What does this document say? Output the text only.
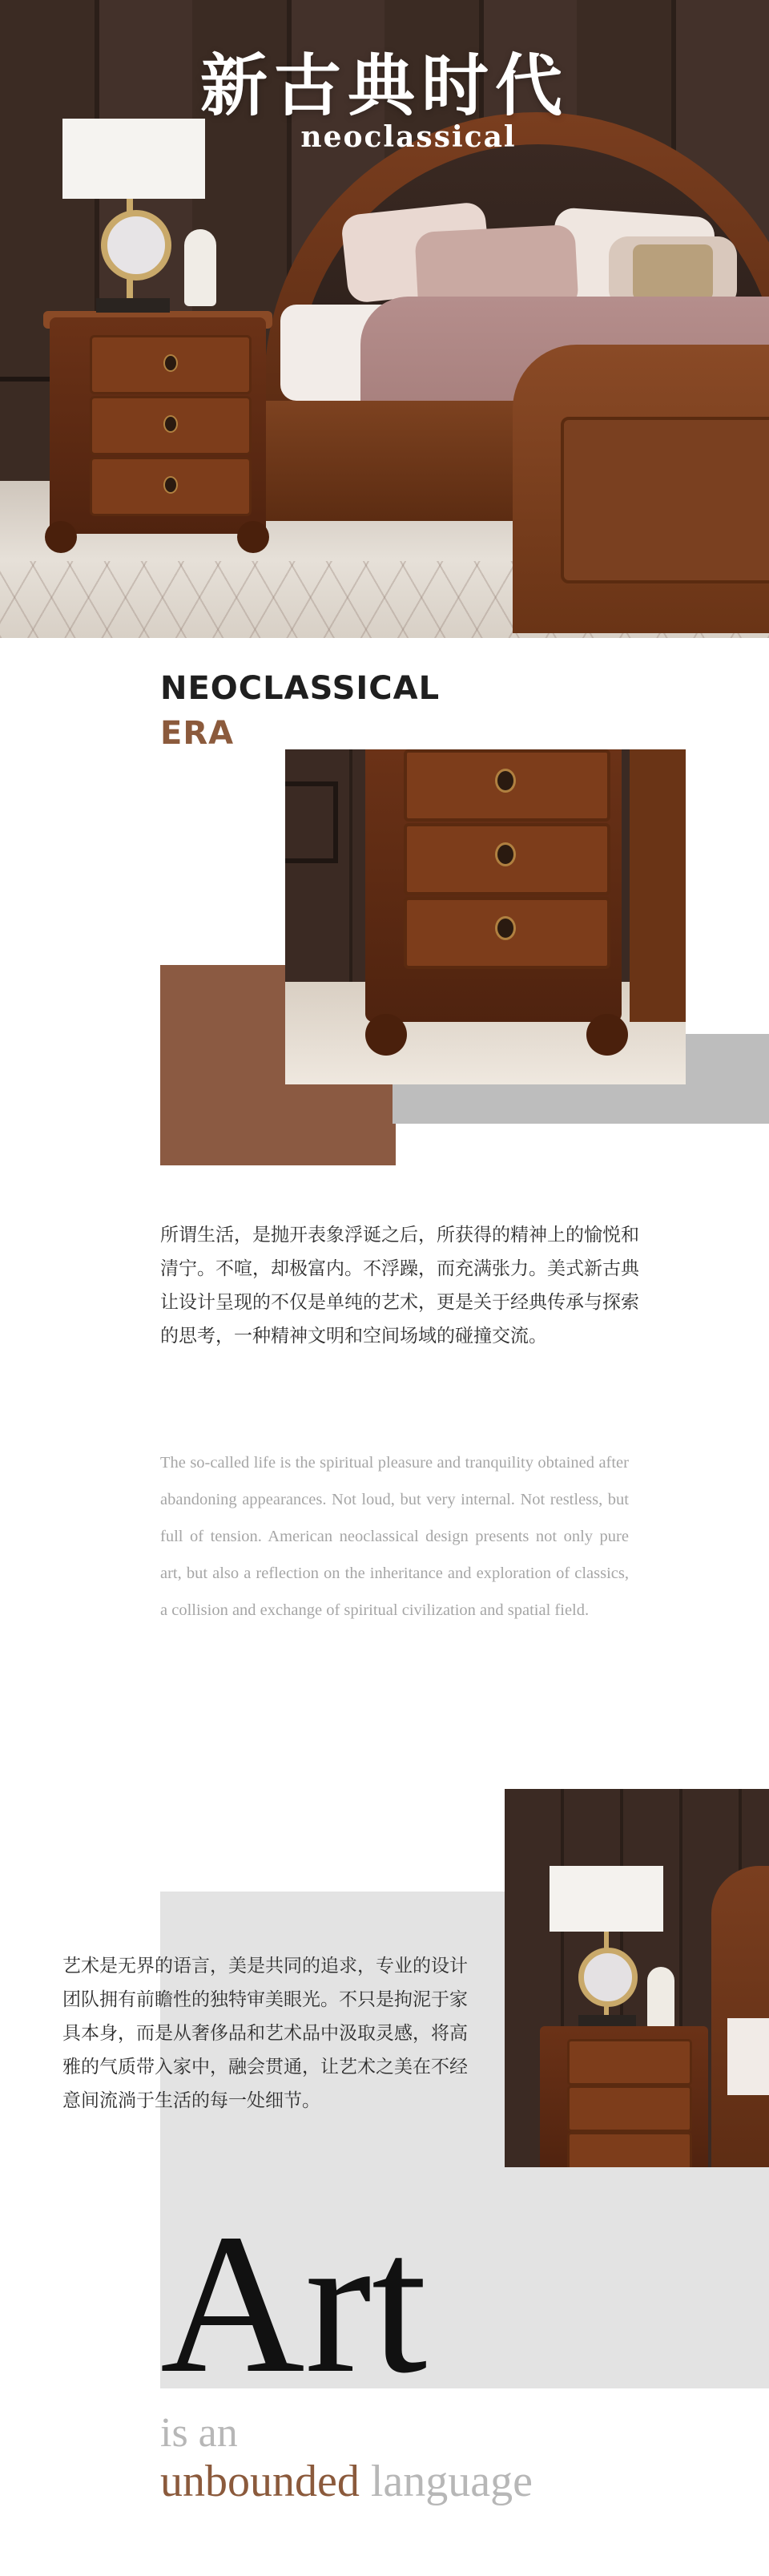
新古典时代
neoclassical
NEOCLASSICAL
ERA
所谓生活，是抛开表象浮诞之后，所获得的精神上的愉悦和清宁。不喧，却极富内。不浮躁，而充满张力。美式新古典让设计呈现的不仅是单纯的艺术，更是关于经典传承与探索的思考，一种精神文明和空间场域的碰撞交流。
The so-called life is the spiritual pleasure and tranquility obtained after abandoning appearances. Not loud, but very internal. Not restless, but full of tension. American neoclassical design presents not only pure art, but also a reflection on the inheritance and exploration of classics, a collision and exchange of spiritual civilization and spatial field.
艺术是无界的语言，美是共同的追求，专业的设计团队拥有前瞻性的独特审美眼光。不只是拘泥于家具本身，而是从奢侈品和艺术品中汲取灵感，将高雅的气质带入家中，融会贯通，让艺术之美在不经意间流淌于生活的每一处细节。
Art
is an
unbounded language
